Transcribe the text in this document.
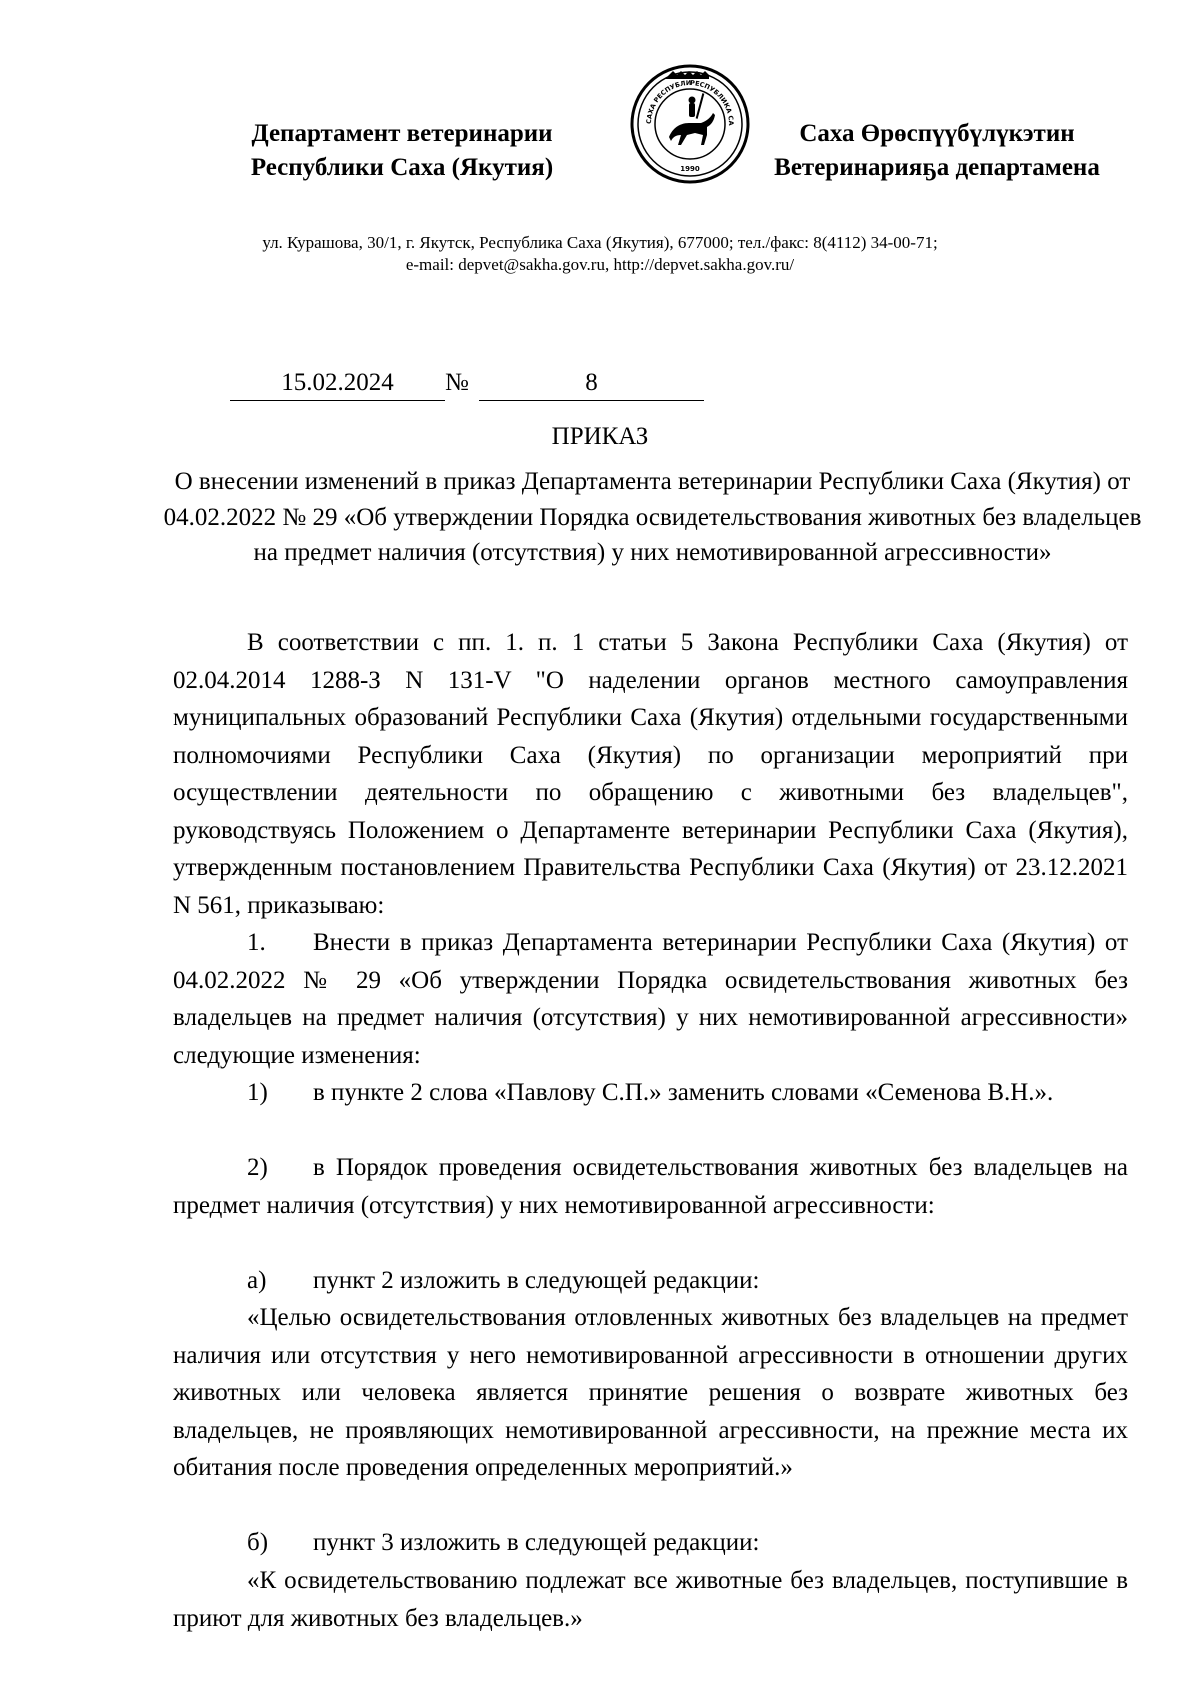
Департамент ветеринарии
Республики Саха (Якутия)
САХА РЕСПУБЛИ
РЕСПУБЛИКА СА
1990
Саха Өрөспүүбүлүкэтин
Ветеринарияҕа департамена
ул. Курашова, 30/1, г. Якутск, Республика Саха (Якутия), 677000; тел./факс: 8(4112) 34-00-71;
e-mail: depvet@sakha.gov.ru, http://depvet.sakha.gov.ru/
15.02.2024	№	8
ПРИКАЗ
О внесении изменений в приказ Департамента ветеринарии Республики Саха (Якутия) от 04.02.2022 № 29 «Об утверждении Порядка освидетельствования животных без владельцев на предмет наличия (отсутствия) у них немотивированной агрессивности»

В соответствии с пп. 1. п. 1 статьи 5 Закона Республики Саха (Якутия) от 02.04.2014 1288-З N 131-V "О наделении органов местного самоуправления муниципальных образований Республики Саха (Якутия) отдельными государственными полномочиями Республики Саха (Якутия) по организации мероприятий при осуществлении деятельности по обращению с животными без владельцев", руководствуясь Положением о Департаменте ветеринарии Республики Саха (Якутия), утвержденным постановлением Правительства Республики Саха (Якутия) от 23.12.2021 N 561, приказываю:

1. Внести в приказ Департамента ветеринарии Республики Саха (Якутия) от 04.02.2022 № 29 «Об утверждении Порядка освидетельствования животных без владельцев на предмет наличия (отсутствия) у них немотивированной агрессивности» следующие изменения:

1) в пункте 2 слова «Павлову С.П.» заменить словами «Семенова В.Н.».

2) в Порядок проведения освидетельствования животных без владельцев на предмет наличия (отсутствия) у них немотивированной агрессивности:

а) пункт 2 изложить в следующей редакции:

«Целью освидетельствования отловленных животных без владельцев на предмет наличия или отсутствия у него немотивированной агрессивности в отношении других животных или человека является принятие решения о возврате животных без владельцев, не проявляющих немотивированной агрессивности, на прежние места их обитания после проведения определенных мероприятий.»

б) пункт 3 изложить в следующей редакции:

«К освидетельствованию подлежат все животные без владельцев, поступившие в приют для животных без владельцев.»
